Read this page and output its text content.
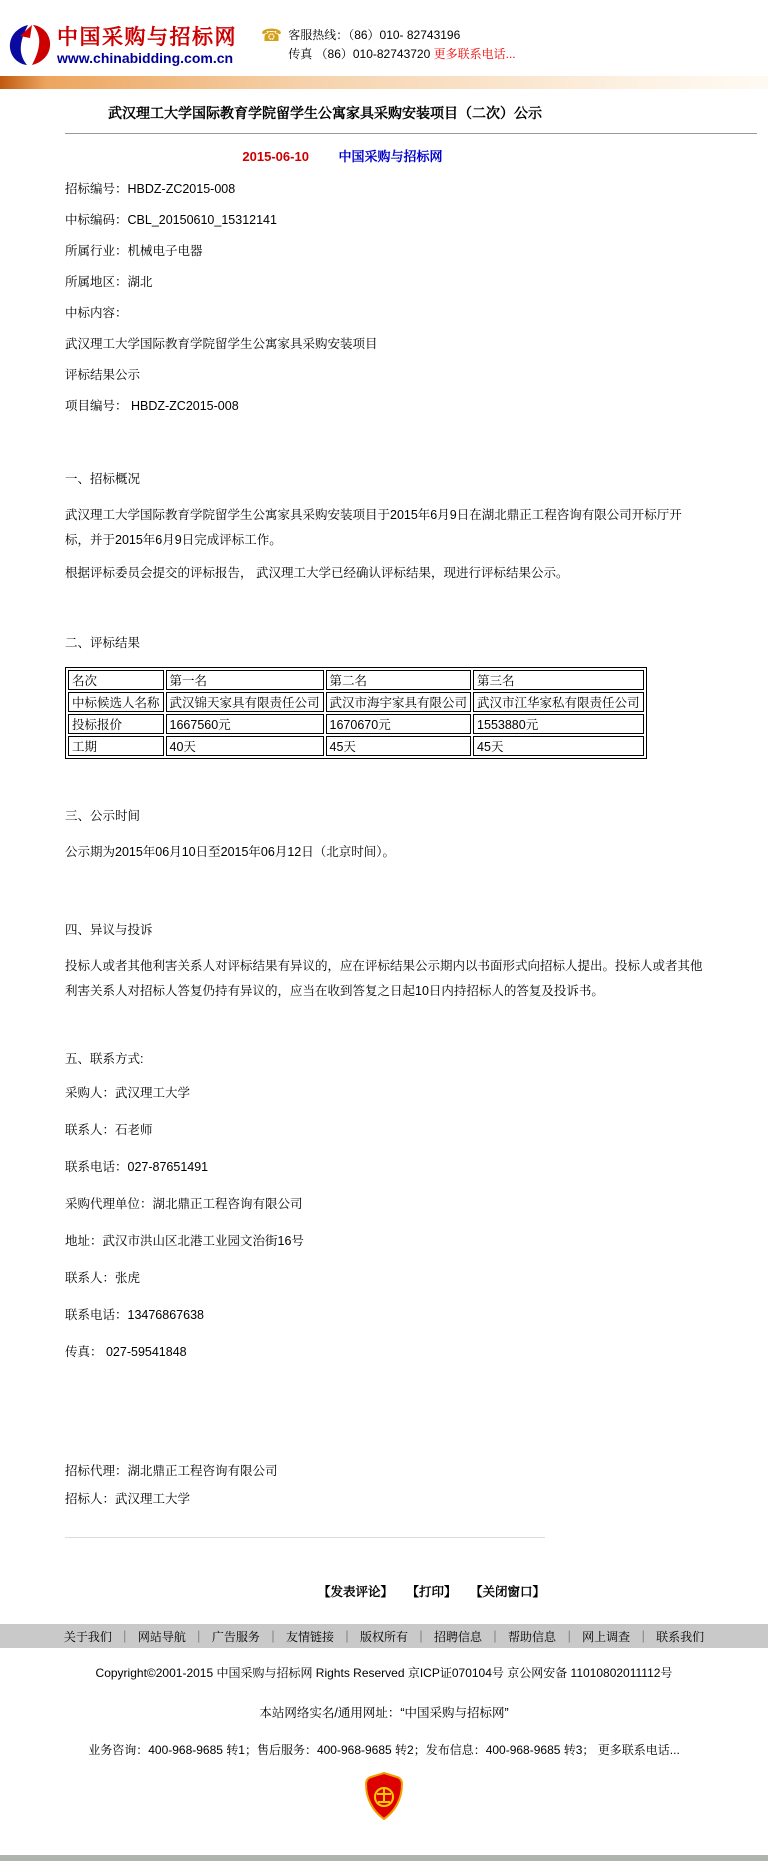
中国采购与招标网
www.chinabidding.com.cn
☎ 客服热线：（86）010- 82743196
传真 （86）010-82743720 更多联系电话...
武汉理工大学国际教育学院留学生公寓家具采购安装项目（二次）公示
2015-06-10 中国采购与招标网

招标编号：HBDZ-ZC2015-008

中标编码：CBL_20150610_15312141

所属行业：机械电子电器

所属地区：湖北

中标内容：

武汉理工大学国际教育学院留学生公寓家具采购安装项目

评标结果公示

项目编号： HBDZ-ZC2015-008

一、招标概况

武汉理工大学国际教育学院留学生公寓家具采购安装项目于2015年6月9日在湖北鼎正工程咨询有限公司开标厅开标，并于2015年6月9日完成评标工作。

根据评标委员会提交的评标报告， 武汉理工大学已经确认评标结果，现进行评标结果公示。

二、评标结果

名次	第一名	第二名	第三名
中标候选人名称	武汉锦天家具有限责任公司	武汉市海宇家具有限公司	武汉市江华家私有限责任公司
投标报价	1667560元	1670670元	1553880元
工期	40天	45天	45天

三、公示时间

公示期为2015年06月10日至2015年06月12日（北京时间）。

四、异议与投诉

投标人或者其他利害关系人对评标结果有异议的，应在评标结果公示期内以书面形式向招标人提出。投标人或者其他利害关系人对招标人答复仍持有异议的，应当在收到答复之日起10日内持招标人的答复及投诉书。

五、联系方式:

采购人：武汉理工大学

联系人：石老师

联系电话：027-87651491

采购代理单位：湖北鼎正工程咨询有限公司

地址：武汉市洪山区北港工业园文治街16号

联系人：张虎

联系电话：13476867638

传真： 027-59541848

招标代理：湖北鼎正工程咨询有限公司

招标人：武汉理工大学

【发表评论】 【打印】 【关闭窗口】
关于我们 ｜ 网站导航 ｜ 广告服务 ｜ 友情链接 ｜ 版权所有 ｜ 招聘信息 ｜ 帮助信息 ｜ 网上调查 ｜ 联系我们

Copyright©2001-2015 中国采购与招标网 Rights Reserved 京ICP证070104号 京公网安备 11010802011112号

本站网络实名/通用网址：“中国采购与招标网”

业务咨询：400-968-9685 转1；售后服务：400-968-9685 转2；发布信息：400-968-9685 转3； 更多联系电话...
